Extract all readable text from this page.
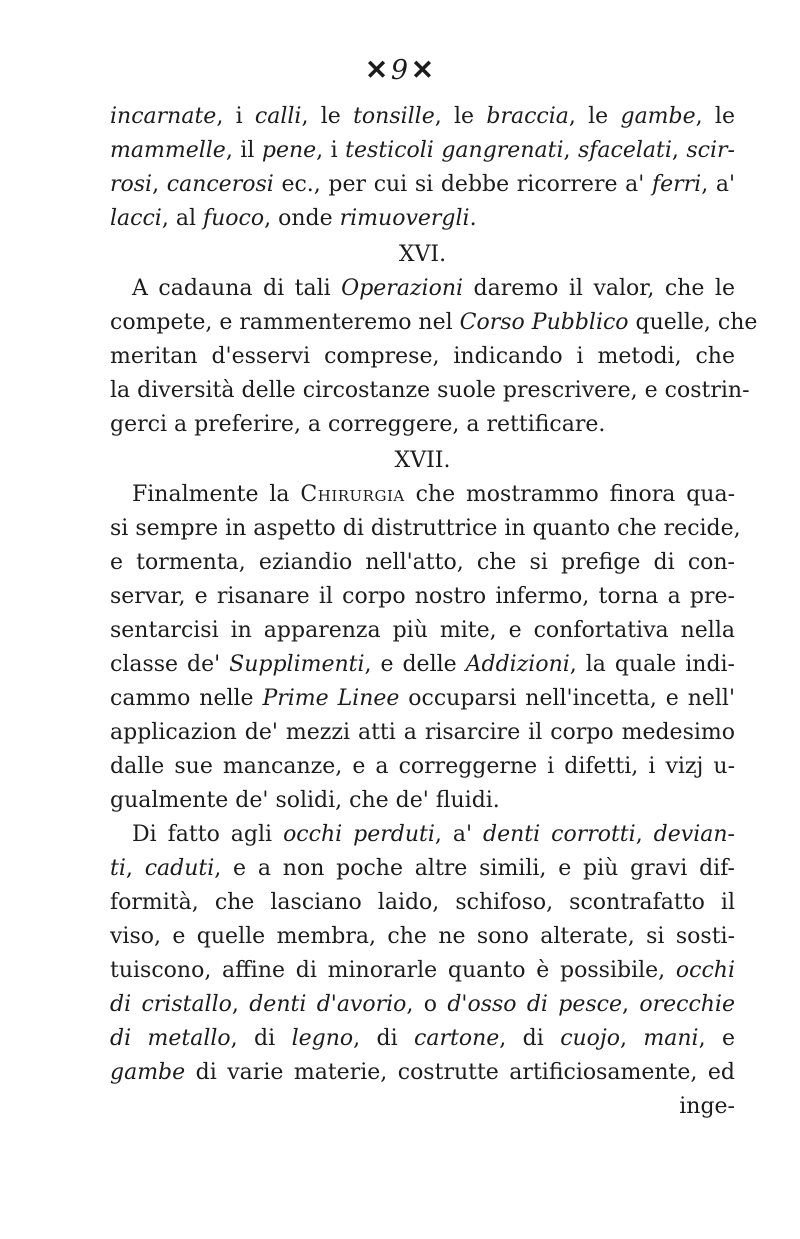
✕9✕
incarnate, i calli, le tonsille, le braccia, le gambe, le
mammelle, il pene, i testicoli gangrenati, sfacelati, scir-
rosi, cancerosi ec., per cui si debbe ricorrere a' ferri, a'
lacci, al fuoco, onde rimuovergli.
XVI.
A cadauna di tali Operazioni daremo il valor, che le
compete, e rammenteremo nel Corso Pubblico quelle, che
meritan d'esservi comprese, indicando i metodi, che
la diversità delle circostanze suole prescrivere, e costrin-
gerci a preferire, a correggere, a rettificare.
XVII.
Finalmente la Chirurgia che mostrammo finora qua-
si sempre in aspetto di distruttrice in quanto che recide,
e tormenta, eziandio nell'atto, che si prefige di con-
servar, e risanare il corpo nostro infermo, torna a pre-
sentarcisi in apparenza più mite, e confortativa nella
classe de' Supplimenti, e delle Addizioni, la quale indi-
cammo nelle Prime Linee occuparsi nell'incetta, e nell'
applicazion de' mezzi atti a risarcire il corpo medesimo
dalle sue mancanze, e a correggerne i difetti, i vizj u-
gualmente de' solidi, che de' fluidi.
Di fatto agli occhi perduti, a' denti corrotti, devian-
ti, caduti, e a non poche altre simili, e più gravi dif-
formità, che lasciano laido, schifoso, scontrafatto il
viso, e quelle membra, che ne sono alterate, si sosti-
tuiscono, affine di minorarle quanto è possibile, occhi
di cristallo, denti d'avorio, o d'osso di pesce, orecchie
di metallo, di legno, di cartone, di cuojo, mani, e
gambe di varie materie, costrutte artificiosamente, ed
inge-
